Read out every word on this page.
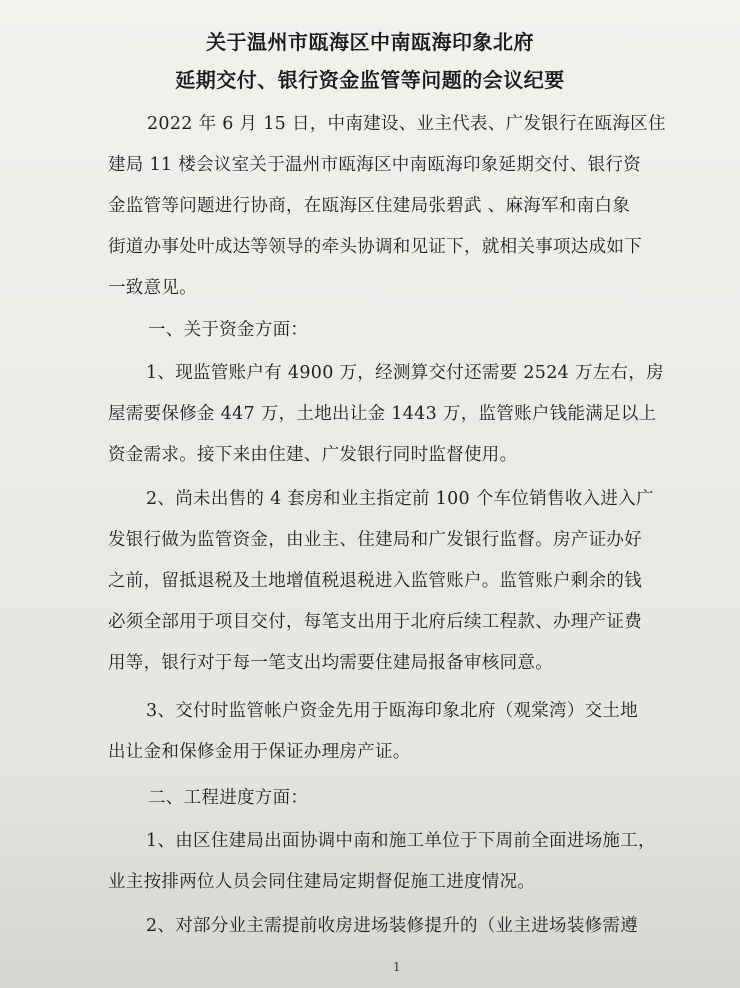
关于温州市瓯海区中南瓯海印象北府
延期交付、银行资金监管等问题的会议纪要
2022 年 6 月 15 日，中南建设、业主代表、广发银行在瓯海区住
建局 11 楼会议室关于温州市瓯海区中南瓯海印象延期交付、银行资
金监管等问题进行协商，在瓯海区住建局张碧武 、麻海军和南白象
街道办事处叶成达等领导的牵头协调和见证下，就相关事项达成如下
一致意见。
一、关于资金方面：
1、现监管账户有 4900 万，经测算交付还需要 2524 万左右，房
屋需要保修金 447 万，土地出让金 1443 万，监管账户钱能满足以上
资金需求。接下来由住建、广发银行同时监督使用。
2、尚未出售的 4 套房和业主指定前 100 个车位销售收入进入广
发银行做为监管资金，由业主、住建局和广发银行监督。房产证办好
之前，留抵退税及土地增值税退税进入监管账户。监管账户剩余的钱
必须全部用于项目交付，每笔支出用于北府后续工程款、办理产证费
用等，银行对于每一笔支出均需要住建局报备审核同意。
3、交付时监管帐户资金先用于瓯海印象北府（观棠湾）交土地
出让金和保修金用于保证办理房产证。
二、工程进度方面：
1、由区住建局出面协调中南和施工单位于下周前全面进场施工，
业主按排两位人员会同住建局定期督促施工进度情况。
2、对部分业主需提前收房进场装修提升的（业主进场装修需遵
1
